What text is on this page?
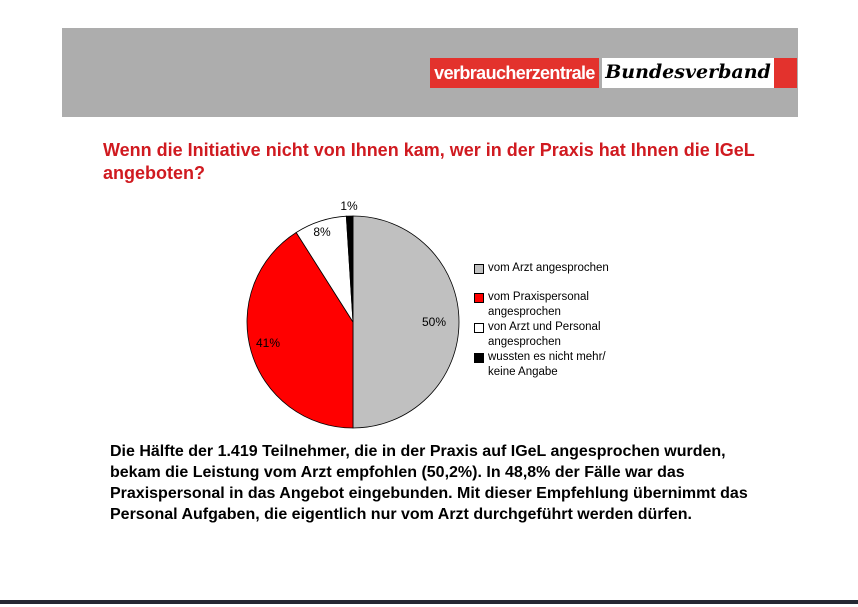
verbraucherzentrale Bundesverband
Wenn die Initiative nicht von Ihnen kam, wer in der Praxis hat Ihnen die IGeL
angeboten?
1%
8%
50%
41%
vom Arzt angesprochen
vom Praxispersonal
angesprochen
von Arzt und Personal
angesprochen
wussten es nicht mehr/
keine Angabe
Die Hälfte der 1.419 Teilnehmer, die in der Praxis auf IGeL angesprochen wurden,
bekam die Leistung vom Arzt empfohlen (50,2%). In 48,8% der Fälle war das
Praxispersonal in das Angebot eingebunden. Mit dieser Empfehlung übernimmt das
Personal Aufgaben, die eigentlich nur vom Arzt durchgeführt werden dürfen.
